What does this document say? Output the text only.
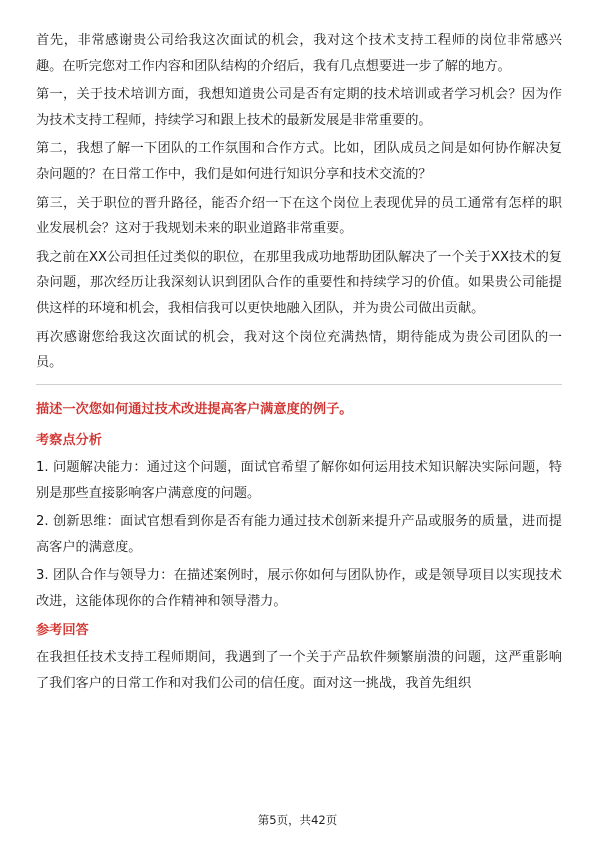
首先，非常感谢贵公司给我这次面试的机会，我对这个技术支持工程师的岗位非常感兴趣。在听完您对工作内容和团队结构的介绍后，我有几点想要进一步了解的地方。

第一，关于技术培训方面，我想知道贵公司是否有定期的技术培训或者学习机会？因为作为技术支持工程师，持续学习和跟上技术的最新发展是非常重要的。

第二，我想了解一下团队的工作氛围和合作方式。比如，团队成员之间是如何协作解决复杂问题的？在日常工作中，我们是如何进行知识分享和技术交流的？

第三，关于职位的晋升路径，能否介绍一下在这个岗位上表现优异的员工通常有怎样的职业发展机会？这对于我规划未来的职业道路非常重要。

我之前在XX公司担任过类似的职位，在那里我成功地帮助团队解决了一个关于XX技术的复杂问题，那次经历让我深刻认识到团队合作的重要性和持续学习的价值。如果贵公司能提供这样的环境和机会，我相信我可以更快地融入团队，并为贵公司做出贡献。

再次感谢您给我这次面试的机会，我对这个岗位充满热情，期待能成为贵公司团队的一员。

描述一次您如何通过技术改进提高客户满意度的例子。

考察点分析

1. 问题解决能力：通过这个问题，面试官希望了解你如何运用技术知识解决实际问题，特别是那些直接影响客户满意度的问题。

2. 创新思维：面试官想看到你是否有能力通过技术创新来提升产品或服务的质量，进而提高客户的满意度。

3. 团队合作与领导力：在描述案例时，展示你如何与团队协作，或是领导项目以实现技术改进，这能体现你的合作精神和领导潜力。

参考回答

在我担任技术支持工程师期间，我遇到了一个关于产品软件频繁崩溃的问题，这严重影响了我们客户的日常工作和对我们公司的信任度。面对这一挑战，我首先组织

第5页，共42页
